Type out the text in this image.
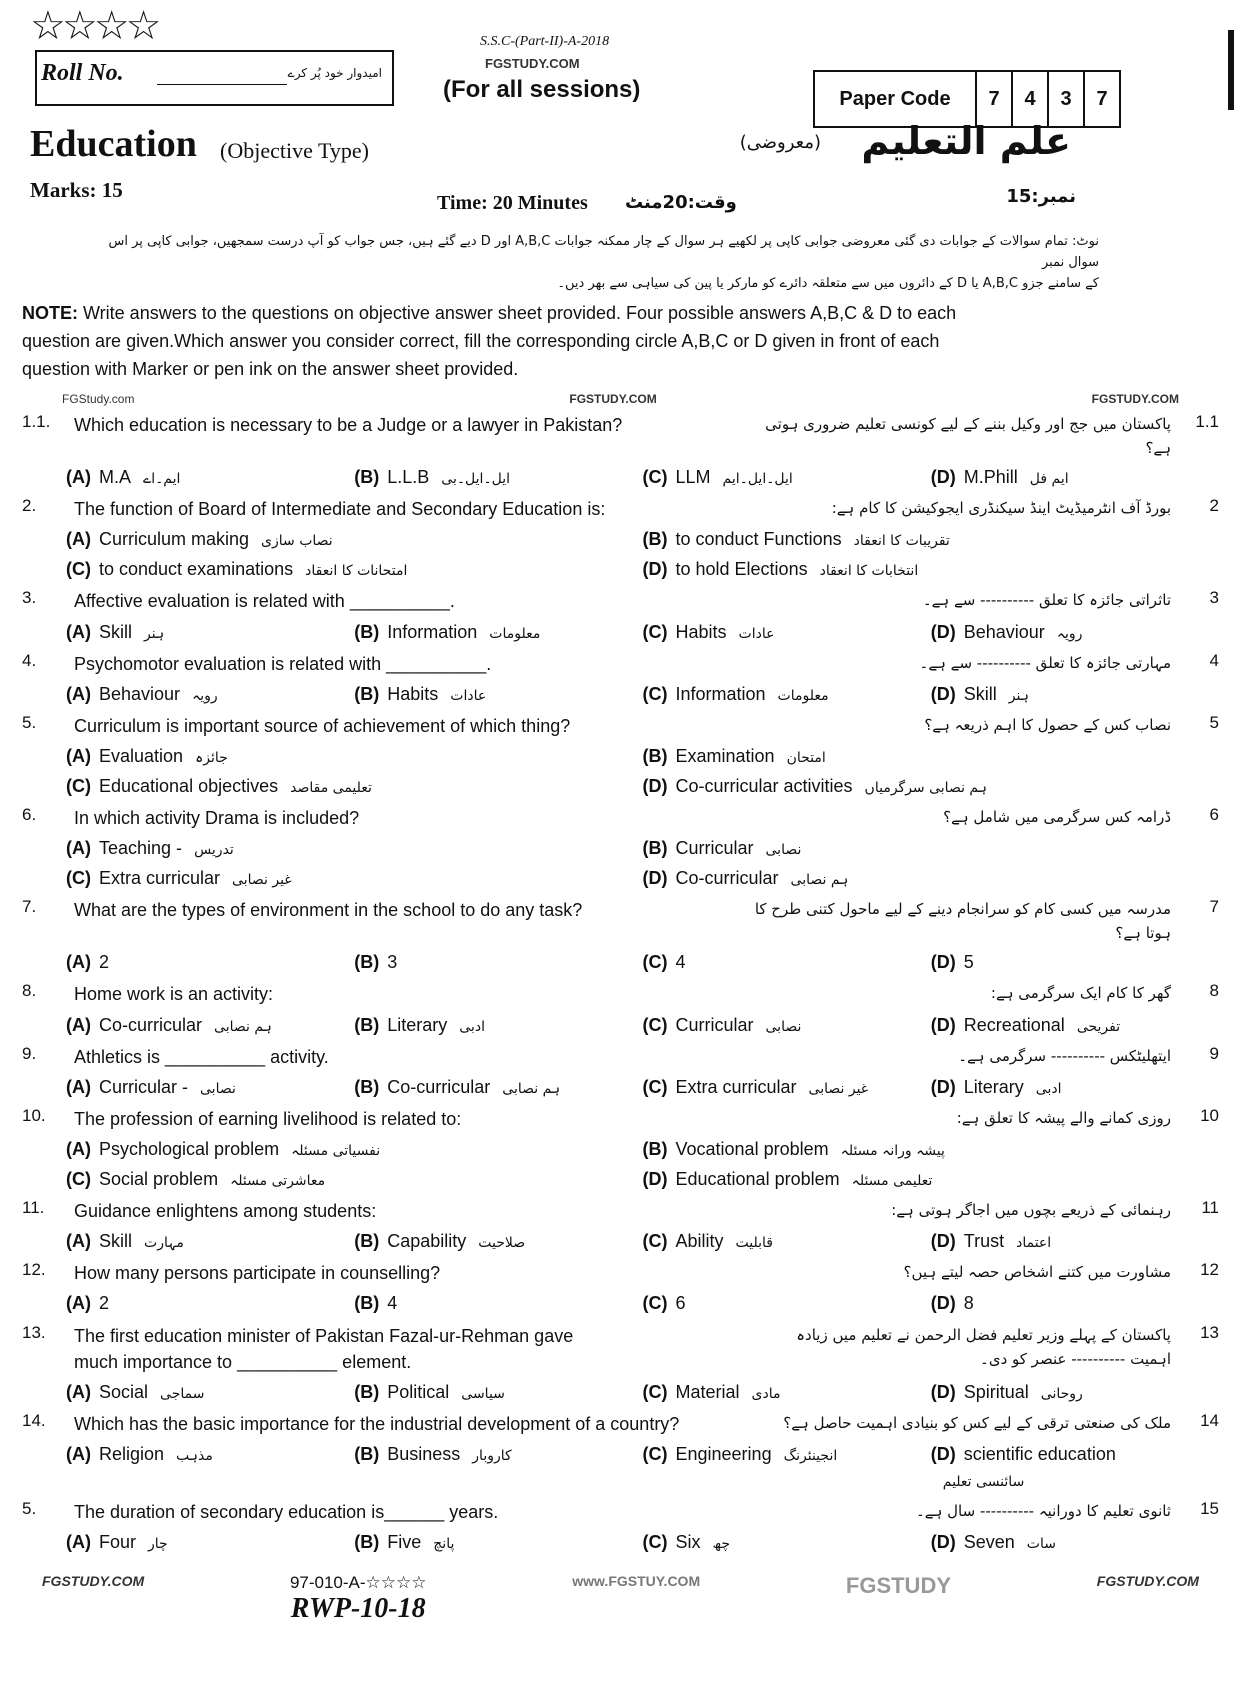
☆☆☆☆
Roll No.	امیدوار خود پُر کرے
S.S.C-(Part-II)-A-2018
FGSTUDY.COM
(For all sessions)	Paper Code	7	4	3	7
Education (Objective Type)	علم التعلیم
(معروضی)
Marks: 15
Time: 20 Minutes وقت:20منٹ	نمبر:15
نوٹ: تمام سوالات کے جوابات دی گئی معروضی جوابی کاپی پر لکھیے ہر سوال کے چار ممکنہ جوابات A,B,C اور D دیے گئے ہیں، جس جواب کو آپ درست سمجھیں، جوابی کاپی پر اس سوال نمبر
کے سامنے جزو A,B,C یا D کے دائروں میں سے متعلقہ دائرے کو مارکر یا پین کی سیاہی سے بھر دیں۔
NOTE: Write answers to the questions on objective answer sheet provided. Four possible answers A,B,C & D to each
question are given.Which answer you consider correct, fill the corresponding circle A,B,C or D given in front of each
question with Marker or pen ink on the answer sheet provided.
FGStudy.com	FGSTUDY.COM	FGSTUDY.COM
1.1.	Which education is necessary to be a Judge or a lawyer in Pakistan?	پاکستان میں جج اور وکیل بننے کے لیے کونسی تعلیم ضروری ہوتی ہے؟
1.1
(A) M.A ایم۔اے	(B) L.L.B ایل۔ایل۔بی	(C) LLM ایل۔ایل۔ایم	(D) M.Phill ایم فل
2.	The function of Board of Intermediate and Secondary Education is:	بورڈ آف انٹرمیڈیٹ اینڈ سیکنڈری ایجوکیشن کا کام ہے:	2
(A) Curriculum making نصاب سازی	(B) to conduct Functions تقریبات کا انعقاد
(C) to conduct examinations امتحانات کا انعقاد	(D) to hold Elections انتخابات کا انعقاد
3.	Affective evaluation is related with __________.	تاثراتی جائزہ کا تعلق ---------- سے ہے۔	3
(A) Skill ہنر	(B) Information معلومات	(C) Habits عادات	(D) Behaviour رویہ
4.	Psychomotor evaluation is related with __________.	مہارتی جائزہ کا تعلق ---------- سے ہے۔	4
(A) Behaviour رویہ	(B) Habits عادات	(C) Information معلومات	(D) Skill ہنر
5.	Curriculum is important source of achievement of which thing?	نصاب کس کے حصول کا اہم ذریعہ ہے؟	5
(A) Evaluation جائزہ	(B) Examination امتحان
(C) Educational objectives تعلیمی مقاصد	(D) Co-curricular activities ہم نصابی سرگرمیاں
6.	In which activity Drama is included?	ڈرامہ کس سرگرمی میں شامل ہے؟	6
(A) Teaching - تدریس	(B) Curricular نصابی
(C) Extra curricular غیر نصابی	(D) Co-curricular ہم نصابی
7.	What are the types of environment in the school to do any task?	مدرسہ میں کسی کام کو سرانجام دینے کے لیے ماحول کتنی طرح کا ہوتا ہے؟
7
(A) 2	(B) 3	(C) 4	(D) 5
8.	Home work is an activity:	گھر کا کام ایک سرگرمی ہے:	8
(A) Co-curricular ہم نصابی	(B) Literary ادبی	(C) Curricular نصابی	(D) Recreational تفریحی
9.	Athletics is __________ activity.	ایتھلیٹکس ---------- سرگرمی ہے۔	9
(A) Curricular - نصابی	(B) Co-curricular ہم نصابی	(C) Extra curricular غیر نصابی	(D) Literary ادبی
10.	The profession of earning livelihood is related to:	روزی کمانے والے پیشہ کا تعلق ہے:	10
(A) Psychological problem نفسیاتی مسئلہ	(B) Vocational problem پیشہ ورانہ مسئلہ
(C) Social problem معاشرتی مسئلہ	(D) Educational problem تعلیمی مسئلہ
11.	Guidance enlightens among students:	رہنمائی کے ذریعے بچوں میں اجاگر ہوتی ہے:	11
(A) Skill مہارت	(B) Capability صلاحیت	(C) Ability قابلیت	(D) Trust اعتماد
12.	How many persons participate in counselling?	مشاورت میں کتنے اشخاص حصہ لیتے ہیں؟	12
(A) 2	(B) 4	(C) 6	(D) 8
13.	The first education minister of Pakistan Fazal-ur-Rehman gave
much importance to __________ element.
پاکستان کے پہلے وزیر تعلیم فضل الرحمن نے تعلیم میں زیادہ
اہمیت ---------- عنصر کو دی۔
13
(A) Social سماجی	(B) Political سیاسی	(C) Material مادی	(D) Spiritual روحانی
14.	Which has the basic importance for the industrial development of a country?	ملک کی صنعتی ترقی کے لیے کس کو بنیادی اہمیت حاصل ہے؟	14
(A) Religion مذہب	(B) Business کاروبار	(C) Engineering انجینئرنگ	(D) scientific educationسائنسی تعلیم
5.	The duration of secondary education is______ years.	ثانوی تعلیم کا دورانیہ ---------- سال ہے۔	15
(A) Four چار	(B) Five پانچ	(C) Six چھ	(D) Seven سات
FGSTUDY.COM	97-010-A-☆☆☆☆
RWP-10-18
www.FGSTUY.COM	FGSTUDY	FGSTUDY.COM
